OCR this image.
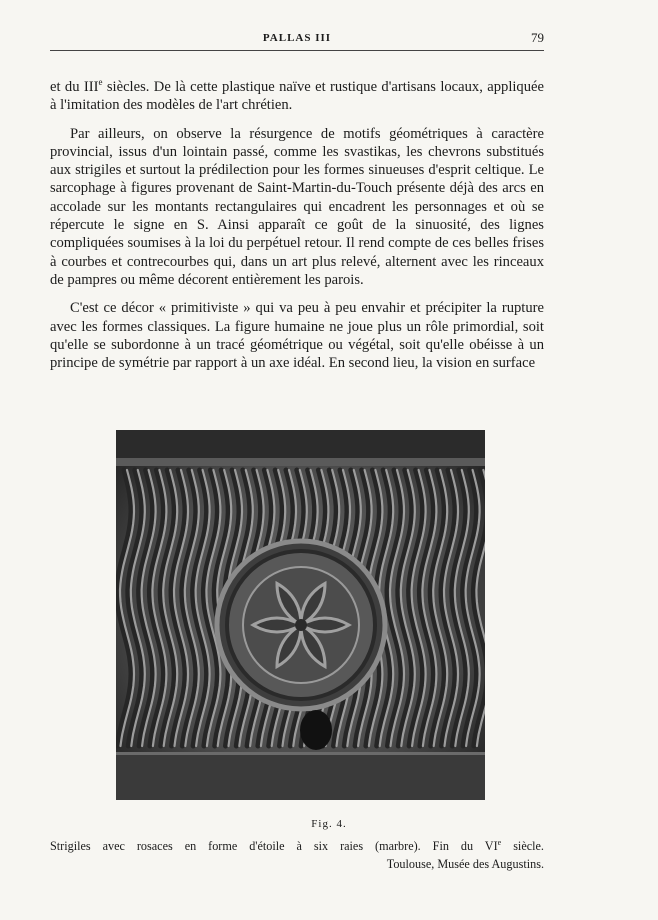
PALLAS III	79

et du IIIe siècles. De là cette plastique naïve et rustique d'artisans locaux, appliquée à l'imitation des modèles de l'art chrétien.

Par ailleurs, on observe la résurgence de motifs géométriques à caractère provincial, issus d'un lointain passé, comme les svastikas, les chevrons substitués aux strigiles et surtout la prédilection pour les formes sinueuses d'esprit celtique. Le sarcophage à figures provenant de Saint-Martin-du-Touch présente déjà des arcs en accolade sur les montants rectangulaires qui encadrent les personnages et où se répercute le signe en S. Ainsi apparaît ce goût de la sinuosité, des lignes compliquées soumises à la loi du perpétuel retour. Il rend compte de ces belles frises à courbes et contrecourbes qui, dans un art plus relevé, alternent avec les rinceaux de pampres ou même décorent entièrement les parois.

C'est ce décor « primitiviste » qui va peu à peu envahir et précipiter la rupture avec les formes classiques. La figure humaine ne joue plus un rôle primordial, soit qu'elle se subordonne à un tracé géométrique ou végétal, soit qu'elle obéisse à un principe de symétrie par rapport à un axe idéal. En second lieu, la vision en surface

Fig. 4.
Strigiles avec rosaces en forme d'étoile à six raies (marbre). Fin du VIe siècle.
Toulouse, Musée des Augustins.
